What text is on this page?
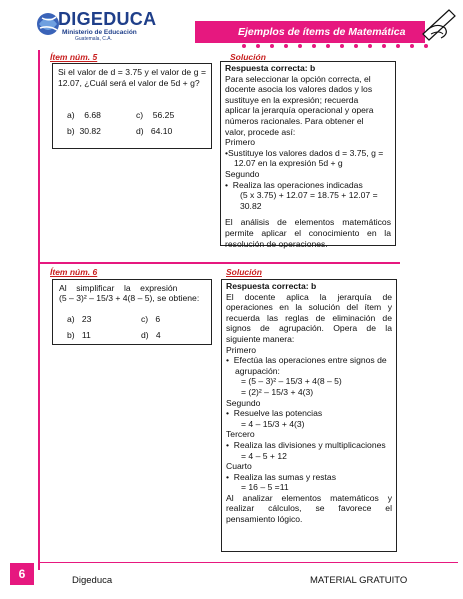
DIGEDUCA
Ministerio de Educación
Guatemala, C.A.
Ejemplos de ítems de Matemática
Ítem núm. 5	Solución
Si el valor de d = 3.75 y el valor de g = 12.07, ¿Cuál será el valor de 5d + g?
a) 6.68	c) 56.25
b) 30.82	d) 64.10
Respuesta correcta: b
Para seleccionar la opción correcta, el
docente asocia los valores dados y los
sustituye en la expresión; recuerda
aplicar la jerarquía operacional y opera
números racionales. Para obtener el
valor, procede así:
Primero
•Sustituye los valores dados d = 3.75, g = 12.07 en la expresión 5d + g
Segundo
•  Realiza las operaciones indicadas
(5 x 3.75) + 12.07 = 18.75 + 12.07 =
30.82
El análisis de elementos matemáticos permite aplicar el conocimiento en la resolución de operaciones.
Ítem núm. 6	Solución
Al    simplificar    la    expresión
(5 – 3)² – 15/3 + 4(8 – 5), se obtiene:
a) 23	c) 6
b) 11	d) 4
Respuesta correcta: b
El docente aplica la jerarquía de operaciones en la solución del ítem y recuerda las reglas de eliminación de signos de agrupación. Opera de la siguiente manera:
Primero
•  Efectúa las operaciones entre signos de agrupación:
= (5 – 3)² – 15/3 + 4(8 – 5)
= (2)² – 15/3 + 4(3)
Segundo
•  Resuelve las potencias
= 4 – 15/3 + 4(3)
Tercero
•  Realiza las divisiones y multiplicaciones
= 4 – 5 + 12
Cuarto
•  Realiza las sumas y restas
= 16 – 5 =11
Al analizar elementos matemáticos y realizar cálculos, se favorece el pensamiento lógico.
6	Digeduca	MATERIAL GRATUITO
